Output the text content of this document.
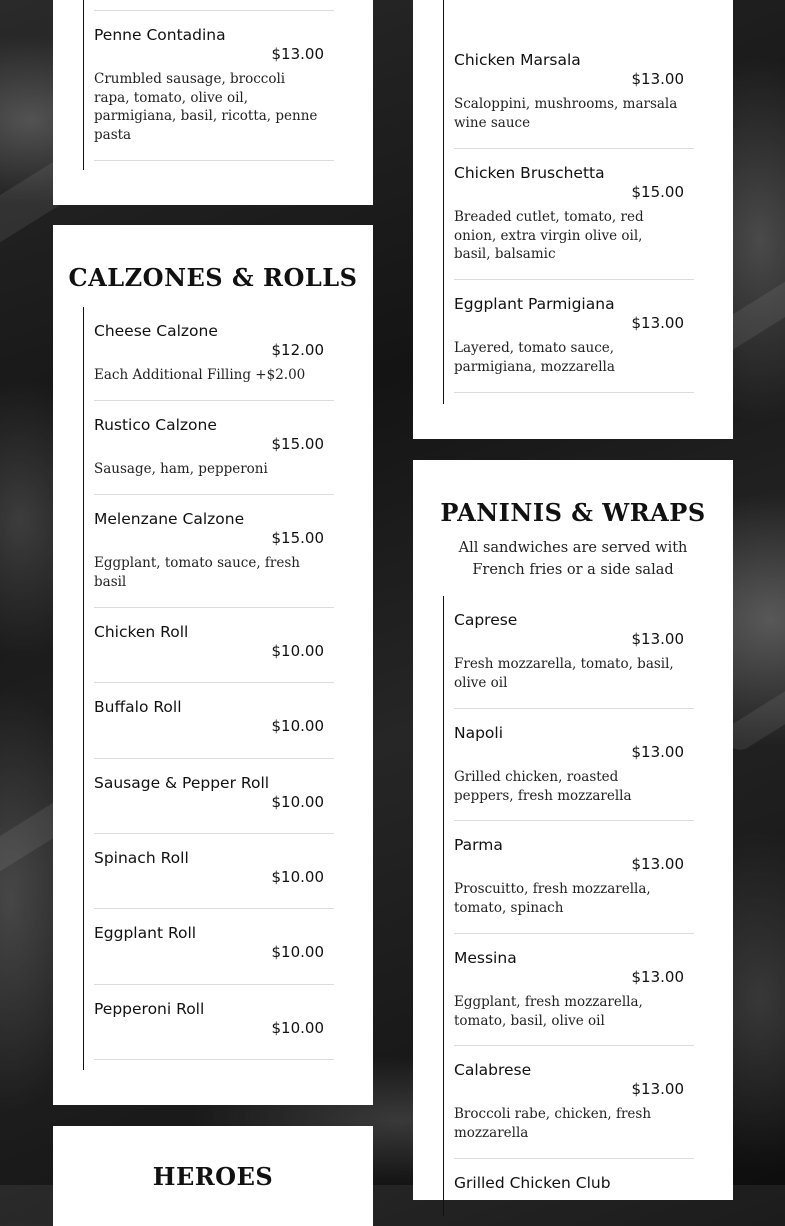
Penne Contadina
$13.00
Crumbled sausage, broccoli rapa, tomato, olive oil, parmigiana, basil, ricotta, penne pasta
CALZONES & ROLLS
Cheese Calzone
$12.00
Each Additional Filling +$2.00
Rustico Calzone
$15.00
Sausage, ham, pepperoni
Melenzane Calzone
$15.00
Eggplant, tomato sauce, fresh basil
Chicken Roll
$10.00
Buffalo Roll
$10.00
Sausage & Pepper Roll
$10.00
Spinach Roll
$10.00
Eggplant Roll
$10.00
Pepperoni Roll
$10.00
HEROES
Chicken Marsala
$13.00
Scaloppini, mushrooms, marsala wine sauce
Chicken Bruschetta
$15.00
Breaded cutlet, tomato, red onion, extra virgin olive oil, basil, balsamic
Eggplant Parmigiana
$13.00
Layered, tomato sauce, parmigiana, mozzarella
PANINIS & WRAPS
All sandwiches are served with French fries or a side salad
Caprese
$13.00
Fresh mozzarella, tomato, basil, olive oil
Napoli
$13.00
Grilled chicken, roasted peppers, fresh mozzarella
Parma
$13.00
Proscuitto, fresh mozzarella, tomato, spinach
Messina
$13.00
Eggplant, fresh mozzarella, tomato, basil, olive oil
Calabrese
$13.00
Broccoli rabe, chicken, fresh mozzarella
Grilled Chicken Club
